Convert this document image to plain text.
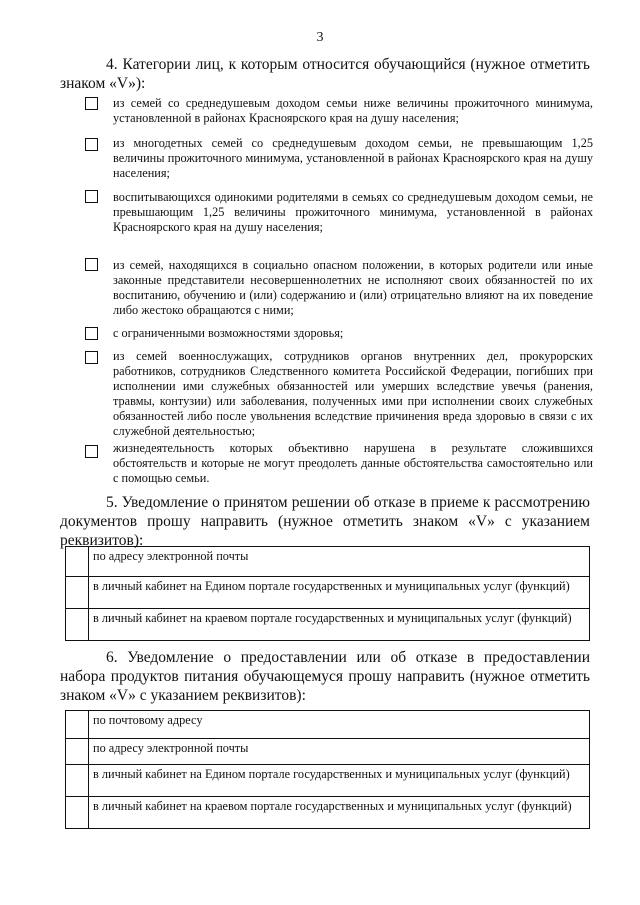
3
4. Категории лиц, к которым относится обучающийся (нужное отметить знаком «V»):
из семей со среднедушевым доходом семьи ниже величины прожиточного минимума, установленной в районах Красноярского края на душу населения;
из многодетных семей со среднедушевым доходом семьи, не превышающим 1,25 величины прожиточного минимума, установленной в районах Красноярского края на душу населения;
воспитывающихся одинокими родителями в семьях со среднедушевым доходом семьи, не превышающим 1,25 величины прожиточного минимума, установленной в районах Красноярского края на душу населения;
из семей, находящихся в социально опасном положении, в которых родители или иные законные представители несовершеннолетних не исполняют своих обязанностей по их воспитанию, обучению и (или) содержанию и (или) отрицательно влияют на их поведение либо жестоко обращаются с ними;
с ограниченными возможностями здоровья;
из семей военнослужащих, сотрудников органов внутренних дел, прокурорских работников, сотрудников Следственного комитета Российской Федерации, погибших при исполнении ими служебных обязанностей или умерших вследствие увечья (ранения, травмы, контузии) или заболевания, полученных ими при исполнении своих служебных обязанностей либо после увольнения вследствие причинения вреда здоровью в связи с их служебной деятельностью;
жизнедеятельность которых объективно нарушена в результате сложившихся обстоятельств и которые не могут преодолеть данные обстоятельства самостоятельно или с помощью семьи.
5. Уведомление о принятом решении об отказе в приеме к рассмотрению документов прошу направить (нужное отметить знаком «V» с указанием реквизитов):
	по адресу электронной почты
	в личный кабинет на Едином портале государственных и муниципальных услуг (функций)
	в личный кабинет на краевом портале государственных и муниципальных услуг (функций)
6. Уведомление о предоставлении или об отказе в предоставлении набора продуктов питания обучающемуся прошу направить (нужное отметить знаком «V» с указанием реквизитов):
	по почтовому адресу
	по адресу электронной почты
	в личный кабинет на Едином портале государственных и муниципальных услуг (функций)
	в личный кабинет на краевом портале государственных и муниципальных услуг (функций)
